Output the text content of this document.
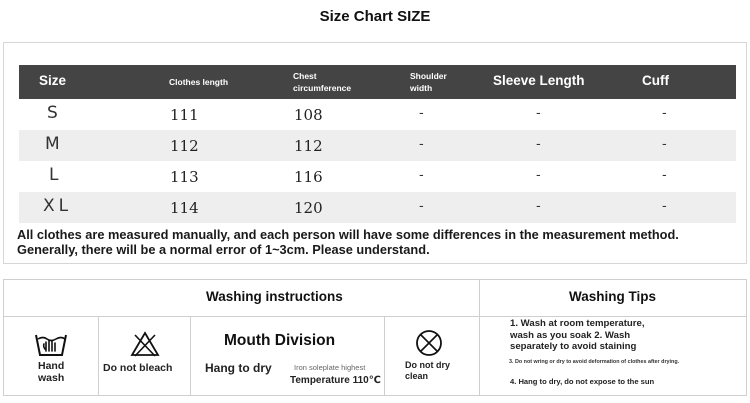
Size Chart SIZE
Size	Clothes length
Chest
circumference
Shoulder
width	Sleeve Length	Cuff
S	111	108	-	-	-
M	112	112	-	-	-
L	113	116	-	-	-
XL	114	120	-	-	-
All clothes are measured manually, and each person will have some differences in the measurement method.
Generally, there will be a normal error of 1~3cm. Please understand.
Washing instructions	Washing Tips
Hand
wash
Do not bleach
Mouth Division
Hang to dry	Iron soleplate highest
Temperature 110℃
Do not dry
clean
1. Wash at room temperature,
wash as you soak 2. Wash
separately to avoid staining
3. Do not wring or dry to avoid deformation of clothes after drying.
4. Hang to dry, do not expose to the sun
